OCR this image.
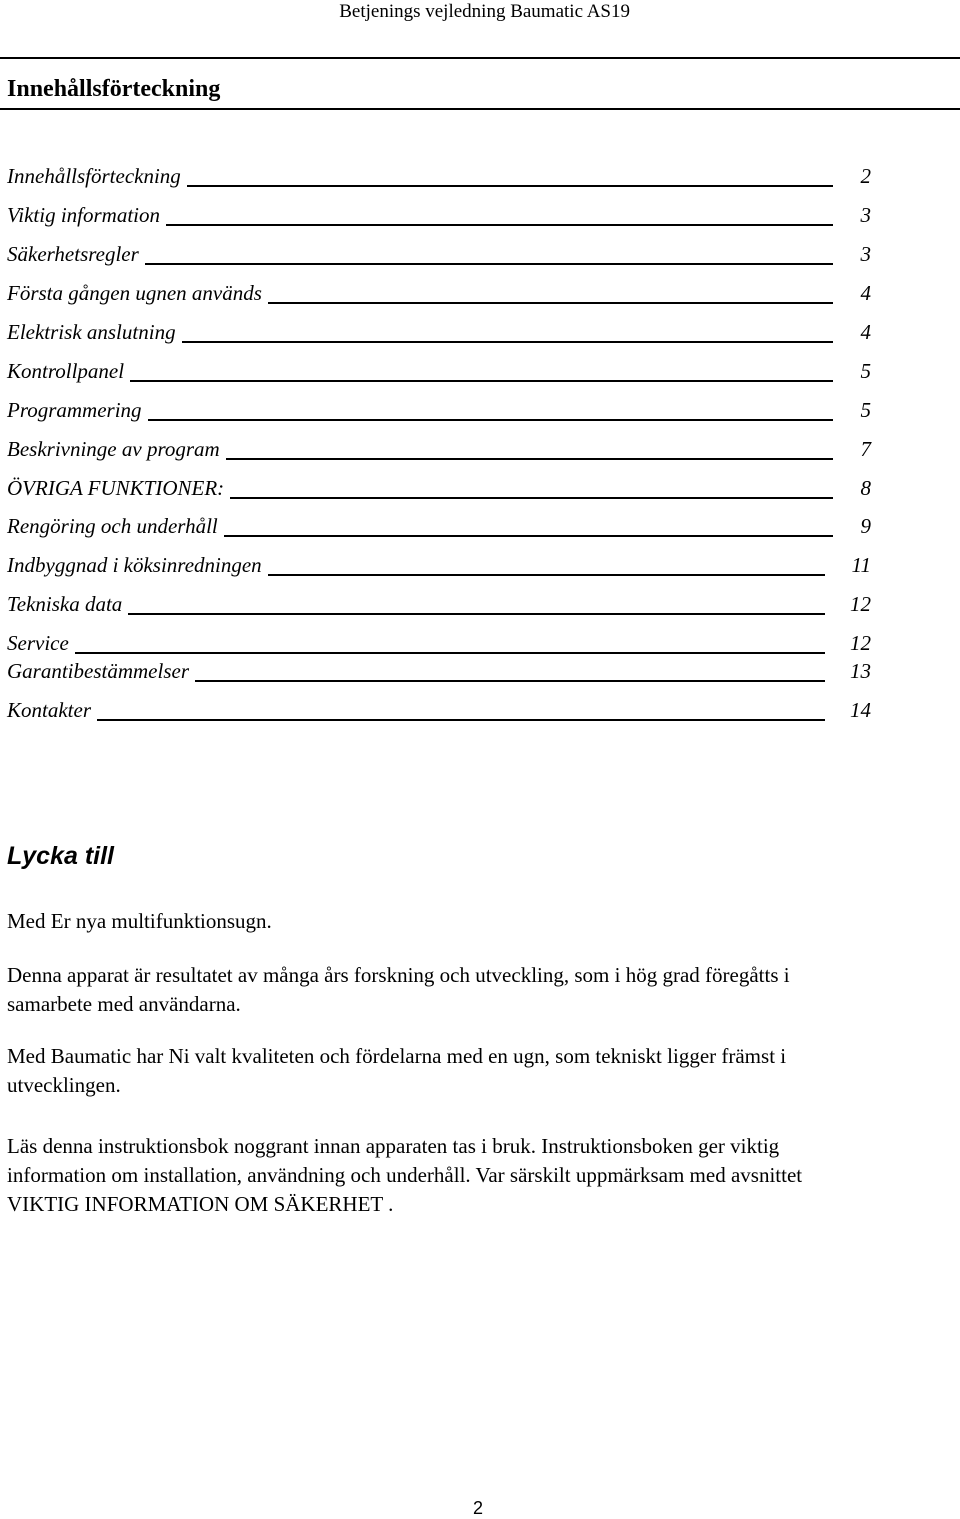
Betjenings vejledning Baumatic AS19
Innehållsförteckning
Innehållsförteckning	2
Viktig information	3
Säkerhetsregler	3
Första gången ugnen används	4
Elektrisk anslutning	4
Kontrollpanel	5
Programmering	5
Beskrivninge av program	7
ÖVRIGA FUNKTIONER:	8
Rengöring och underhåll	9
Indbyggnad i köksinredningen	11
Tekniska data	12
Service	12
Garantibestämmelser	13
Kontakter	14
Lycka till

Med Er nya multifunktionsugn.

Denna apparat är resultatet av många års forskning och utveckling, som i hög grad föregåtts i samarbete med användarna.

Med Baumatic har Ni valt kvaliteten och fördelarna med en ugn, som tekniskt ligger främst i utvecklingen.

Läs denna instruktionsbok noggrant innan apparaten tas i bruk. Instruktionsboken ger viktig information om installation, användning och underhåll. Var särskilt uppmärksam med avsnittet VIKTIG INFORMATION OM SÄKERHET .

2
